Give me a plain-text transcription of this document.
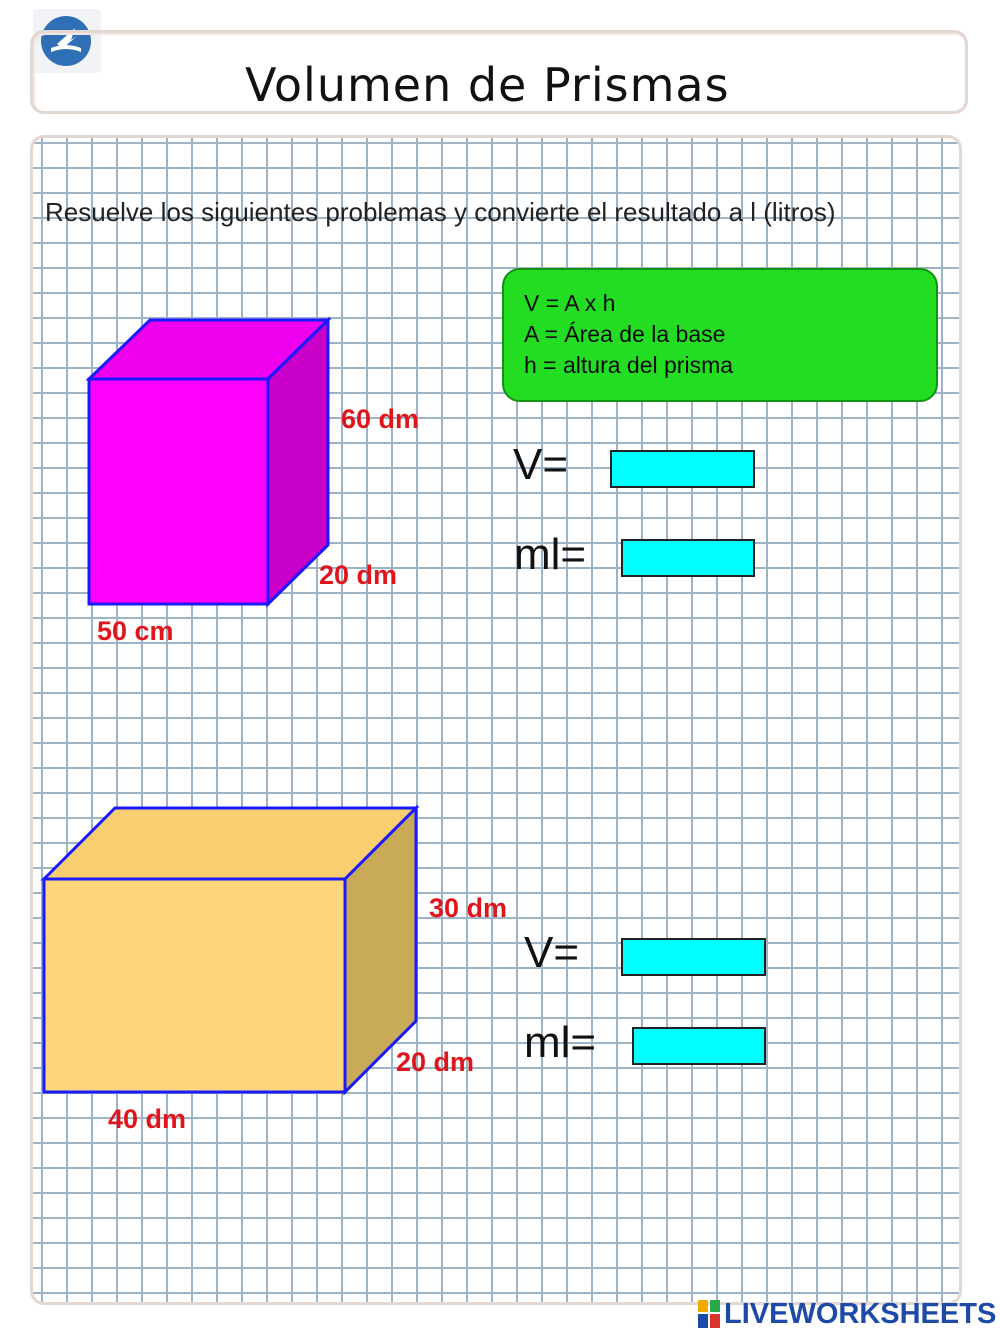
Volumen de Prismas
Resuelve los siguientes problemas y convierte el resultado a l (litros)
V = A x h
A = Área de la base
h = altura del prisma
60 dm
20 dm
50 cm
V=
ml=
30 dm
20 dm
40 dm
V=
ml=
LIVEWORKSHEETS
